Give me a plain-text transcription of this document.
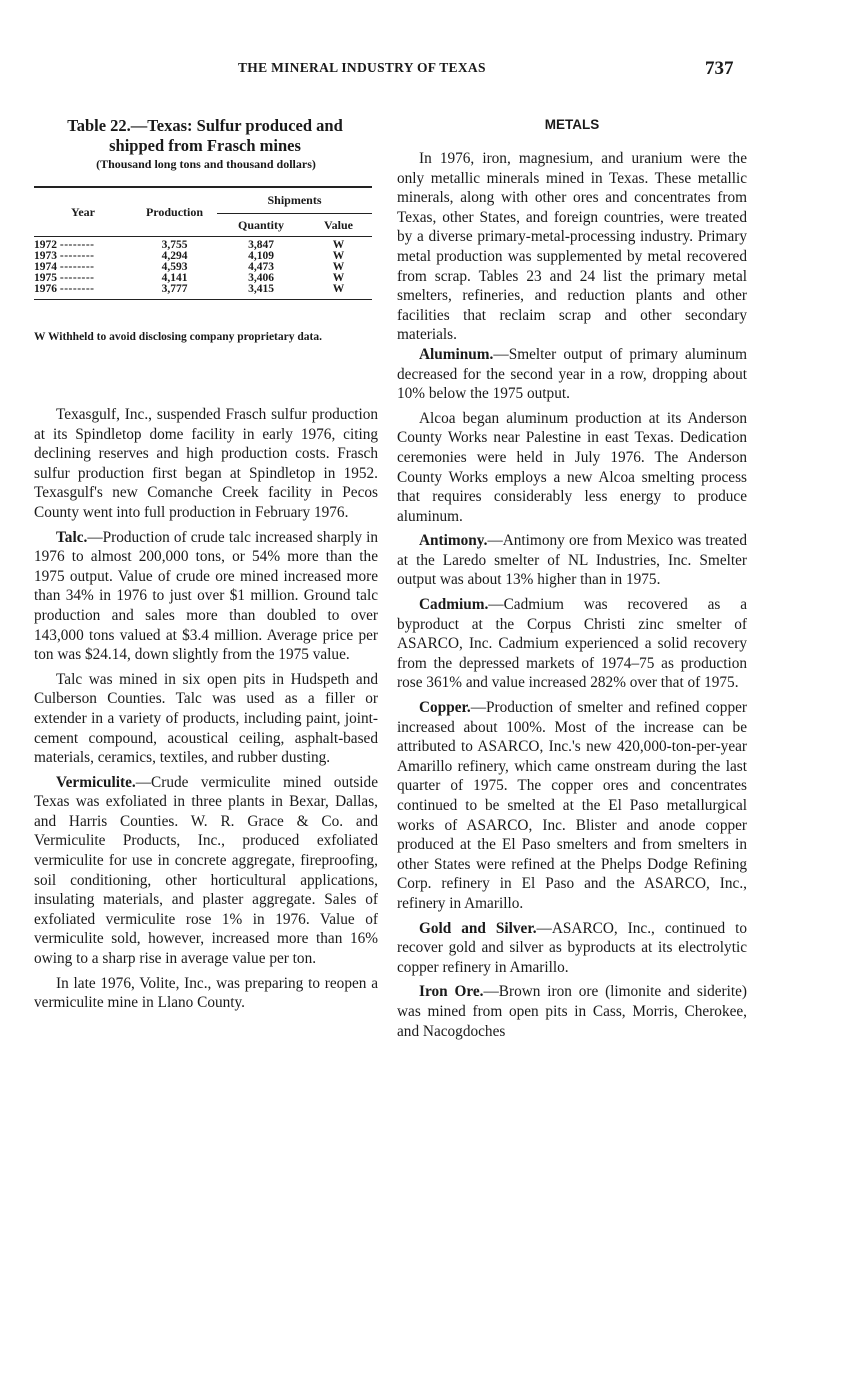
THE MINERAL INDUSTRY OF TEXAS	737
Table 22.—Texas: Sulfur produced and
shipped from Frasch mines
(Thousand long tons and thousand dollars)
Year	Production	Shipments	
		Quantity	Value
1972 --------	3,755	3,847	W
1973 --------	4,294	4,109	W
1974 --------	4,593	4,473	W
1975 --------	4,141	3,406	W
1976 --------	3,777	3,415	W
W Withheld to avoid disclosing company proprietary data.

Texasgulf, Inc., suspended Frasch sulfur production at its Spindletop dome facility in early 1976, citing declining reserves and high production costs. Frasch sulfur production first began at Spindletop in 1952. Texasgulf's new Comanche Creek facility in Pecos County went into full production in February 1976.

Talc.—Production of crude talc increased sharply in 1976 to almost 200,000 tons, or 54% more than the 1975 output. Value of crude ore mined increased more than 34% in 1976 to just over $1 million. Ground talc production and sales more than doubled to over 143,000 tons valued at $3.4 million. Average price per ton was $24.14, down slightly from the 1975 value.

Talc was mined in six open pits in Hudspeth and Culberson Counties. Talc was used as a filler or extender in a variety of products, including paint, joint-cement compound, acoustical ceiling, asphalt-based materials, ceramics, textiles, and rubber dusting.

Vermiculite.—Crude vermiculite mined outside Texas was exfoliated in three plants in Bexar, Dallas, and Harris Counties. W. R. Grace & Co. and Vermiculite Products, Inc., produced exfoliated vermiculite for use in concrete aggregate, fireproofing, soil conditioning, other horticultural applications, insulating materials, and plaster aggregate. Sales of exfoliated vermiculite rose 1% in 1976. Value of vermiculite sold, however, increased more than 16% owing to a sharp rise in average value per ton.

In late 1976, Volite, Inc., was preparing to reopen a vermiculite mine in Llano County.

METALS

In 1976, iron, magnesium, and uranium were the only metallic minerals mined in Texas. These metallic minerals, along with other ores and concentrates from Texas, other States, and foreign countries, were treated by a diverse primary-metal-processing industry. Primary metal production was supplemented by metal recovered from scrap. Tables 23 and 24 list the primary metal smelters, refineries, and reduction plants and other facilities that reclaim scrap and other secondary materials.

Aluminum.—Smelter output of primary aluminum decreased for the second year in a row, dropping about 10% below the 1975 output.

Alcoa began aluminum production at its Anderson County Works near Palestine in east Texas. Dedication ceremonies were held in July 1976. The Anderson County Works employs a new Alcoa smelting process that requires considerably less energy to produce aluminum.

Antimony.—Antimony ore from Mexico was treated at the Laredo smelter of NL Industries, Inc. Smelter output was about 13% higher than in 1975.

Cadmium.—Cadmium was recovered as a byproduct at the Corpus Christi zinc smelter of ASARCO, Inc. Cadmium experienced a solid recovery from the depressed markets of 1974–75 as production rose 361% and value increased 282% over that of 1975.

Copper.—Production of smelter and refined copper increased about 100%. Most of the increase can be attributed to ASARCO, Inc.'s new 420,000-ton-per-year Amarillo refinery, which came onstream during the last quarter of 1975. The copper ores and concentrates continued to be smelted at the El Paso metallurgical works of ASARCO, Inc. Blister and anode copper produced at the El Paso smelters and from smelters in other States were refined at the Phelps Dodge Refining Corp. refinery in El Paso and the ASARCO, Inc., refinery in Amarillo.

Gold and Silver.—ASARCO, Inc., continued to recover gold and silver as byproducts at its electrolytic copper refinery in Amarillo.

Iron Ore.—Brown iron ore (limonite and siderite) was mined from open pits in Cass, Morris, Cherokee, and Nacogdoches
